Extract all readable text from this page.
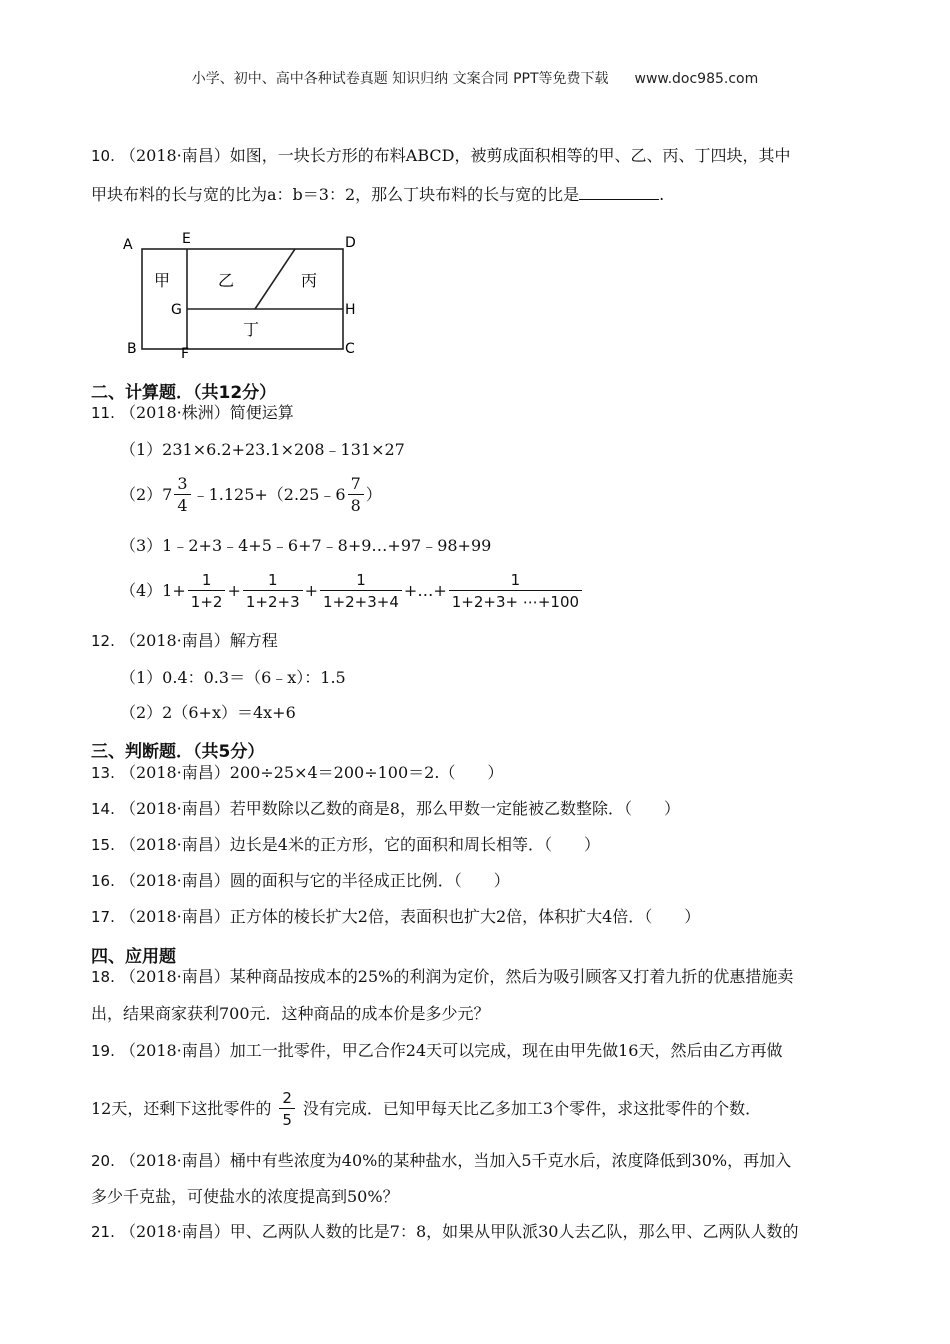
小学、初中、高中各种试卷真题 知识归纳 文案合同 PPT等免费下载 www.doc985.com
10. （2018·南昌）如图，一块长方形的布料ABCD，被剪成面积相等的甲、乙、丙、丁四块，其中
甲块布料的长与宽的比为a：b＝3：2，那么丁块布料的长与宽的比是	.
A	E	D
G	H
B	F	C
甲	乙	丙
丁
二、计算题．（共12分）
11. （2018·株洲）简便运算
（1）231×6.2+23.1×208﹣131×27
$(2)7 \frac{3}{4}$ ﹣1.125+（2.25﹣6 $\frac{7}{8}$ ）
（3）1﹣2+3﹣4+5﹣6+7﹣8+9…+97﹣98+99
$(4)1+ \frac{1}{1+2} + \frac{1}{1+2+3} + \frac{1}{1+2+3+4}$ +…+ $\frac{1}{1+2+3+ \cdots+100}$
12. （2018·南昌）解方程
（1）0.4：0.3＝（6﹣x）：1.5
（2）2（6+x）＝4x+6
三、判断题．（共5分）
13. （2018·南昌）200÷25×4＝200÷100＝2.（　　）
14. （2018·南昌）若甲数除以乙数的商是8，那么甲数一定能被乙数整除．（　　）
15. （2018·南昌）边长是4米的正方形，它的面积和周长相等．（　　）
16. （2018·南昌）圆的面积与它的半径成正比例．（　　）
17. （2018·南昌）正方体的棱长扩大2倍，表面积也扩大2倍，体积扩大4倍．（　　）
四、应用题
18. （2018·南昌）某种商品按成本的25%的利润为定价，然后为吸引顾客又打着九折的优惠措施卖
出，结果商家获利700元．这种商品的成本价是多少元？
19. （2018·南昌）加工一批零件，甲乙合作24天可以完成，现在由甲先做16天，然后由乙方再做
12天，还剩下这批零件的 $\frac{2}{5}$ 没有完成．已知甲每天比乙多加工3个零件，求这批零件的个数．
20. （2018·南昌）桶中有些浓度为40%的某种盐水，当加入5千克水后，浓度降低到30%，再加入
多少千克盐，可使盐水的浓度提高到50%？
21. （2018·南昌）甲、乙两队人数的比是7：8，如果从甲队派30人去乙队，那么甲、乙两队人数的
